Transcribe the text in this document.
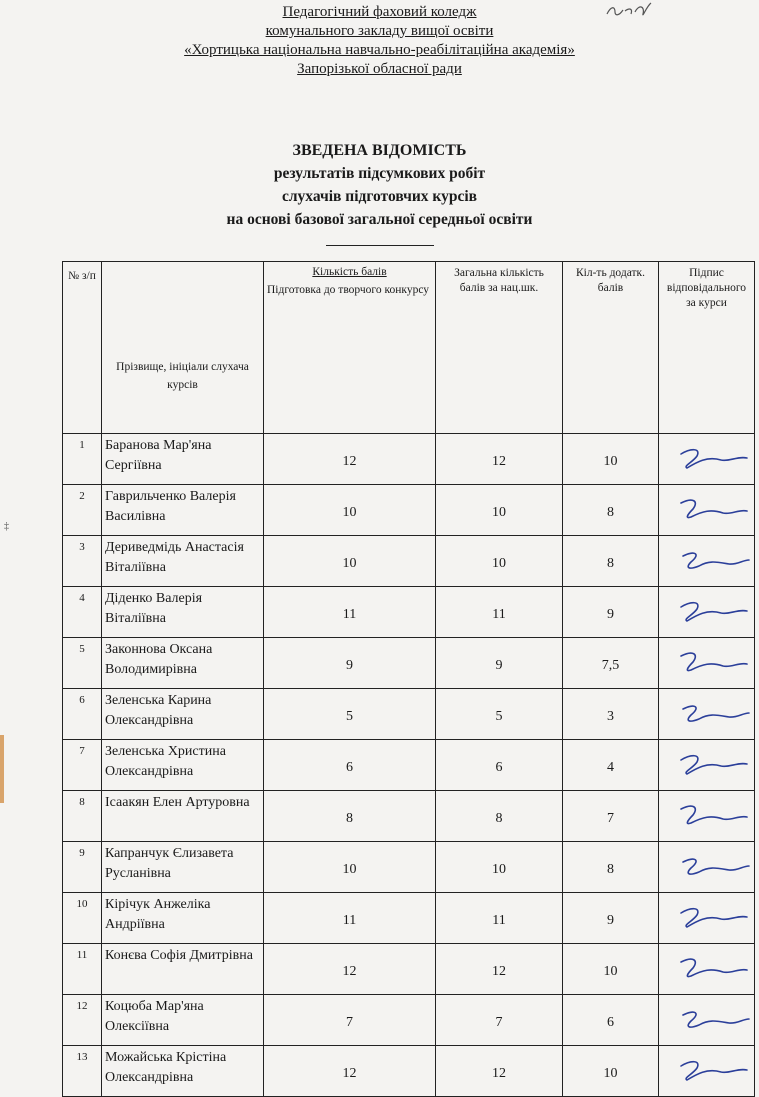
Педагогічний фаховий коледж
комунального закладу вищої освіти
«Хортицька національна навчально-реабілітаційна академія»
Запорізької обласної ради
‡
ЗВЕДЕНА ВІДОМІСТЬ
результатів підсумкових робіт
слухачів підготовчих курсів
на основі базової загальної середньої освіти
№ з/п	Прізвище, ініціали слухача курсів	Кількість балів	Загальна кількість балів за нац.шк.	Кіл-ть додатк. балів	Підпис відповідального за курси

		Підготовка до творчого конкурсу			

1	Баранова Мар'яна Сергіївна	12	12	10	

2	Гаврильченко Валерія Василівна	10	10	8	

3	Дериведмідь Анастасія Віталіївна	10	10	8	

4	Діденко Валерія Віталіївна	11	11	9	

5	Законнова Оксана Володимирівна	9	9	7,5	

6	Зеленська Карина Олександрівна	5	5	3	

7	Зеленська Христина Олександрівна	6	6	4	

8	Ісаакян Елен Артуровна	8	8	7	

9	Капранчук Єлизавета Русланівна	10	10	8	

10	Кірічук Анжеліка Андріївна	11	11	9	

11	Конєва Софія Дмитрівна	12	12	10	

12	Коцюба Мар'яна Олексіївна	7	7	6	

13	Можайська Крістіна Олександрівна	12	12	10	
